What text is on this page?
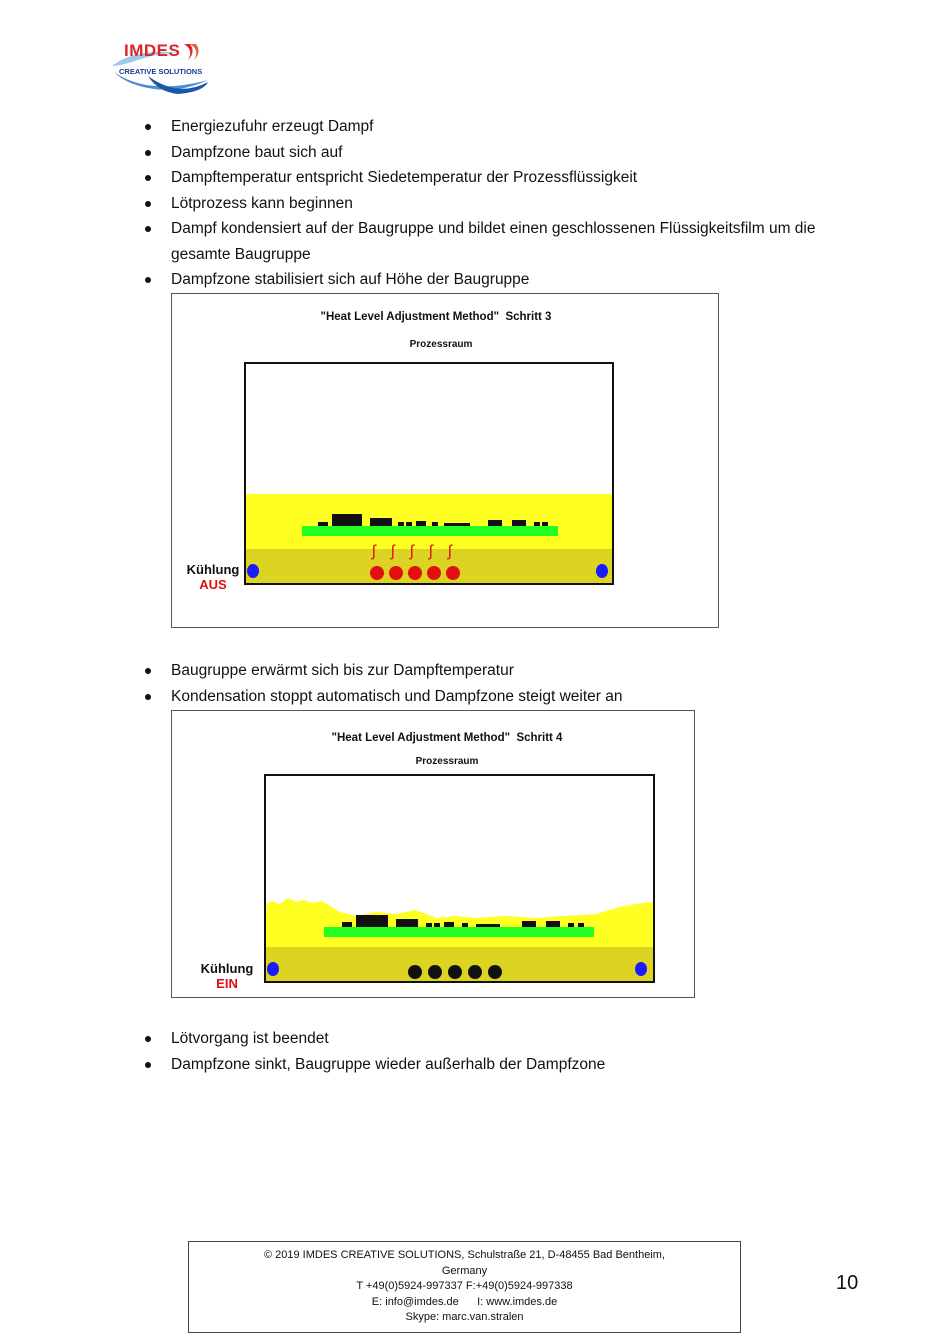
IMDES
CREATIVE SOLUTIONS
Energiezufuhr erzeugt Dampf
Dampfzone baut sich auf
Dampftemperatur entspricht Siedetemperatur der Prozessflüssigkeit
Lötprozess kann beginnen
Dampf kondensiert auf der Baugruppe und bildet einen geschlossenen Flüssigkeitsfilm um die gesamte Baugruppe
Dampfzone stabilisiert sich auf Höhe der Baugruppe
"Heat Level Adjustment Method"  Schritt 3
Prozessraum
ʃ ʃ ʃ ʃ ʃ
Kühlung
AUS
Baugruppe erwärmt sich bis zur Dampftemperatur
Kondensation stoppt automatisch und Dampfzone steigt weiter an
"Heat Level Adjustment Method"  Schritt 4
Prozessraum
Kühlung
EIN
Lötvorgang ist beendet
Dampfzone sinkt, Baugruppe wieder außerhalb der Dampfzone
© 2019 IMDES CREATIVE SOLUTIONS, Schulstraße 21, D-48455 Bad Bentheim,
Germany
T +49(0)5924-997337 F:+49(0)5924-997338
E: info@imdes.de      I: www.imdes.de
Skype: marc.van.stralen
10
